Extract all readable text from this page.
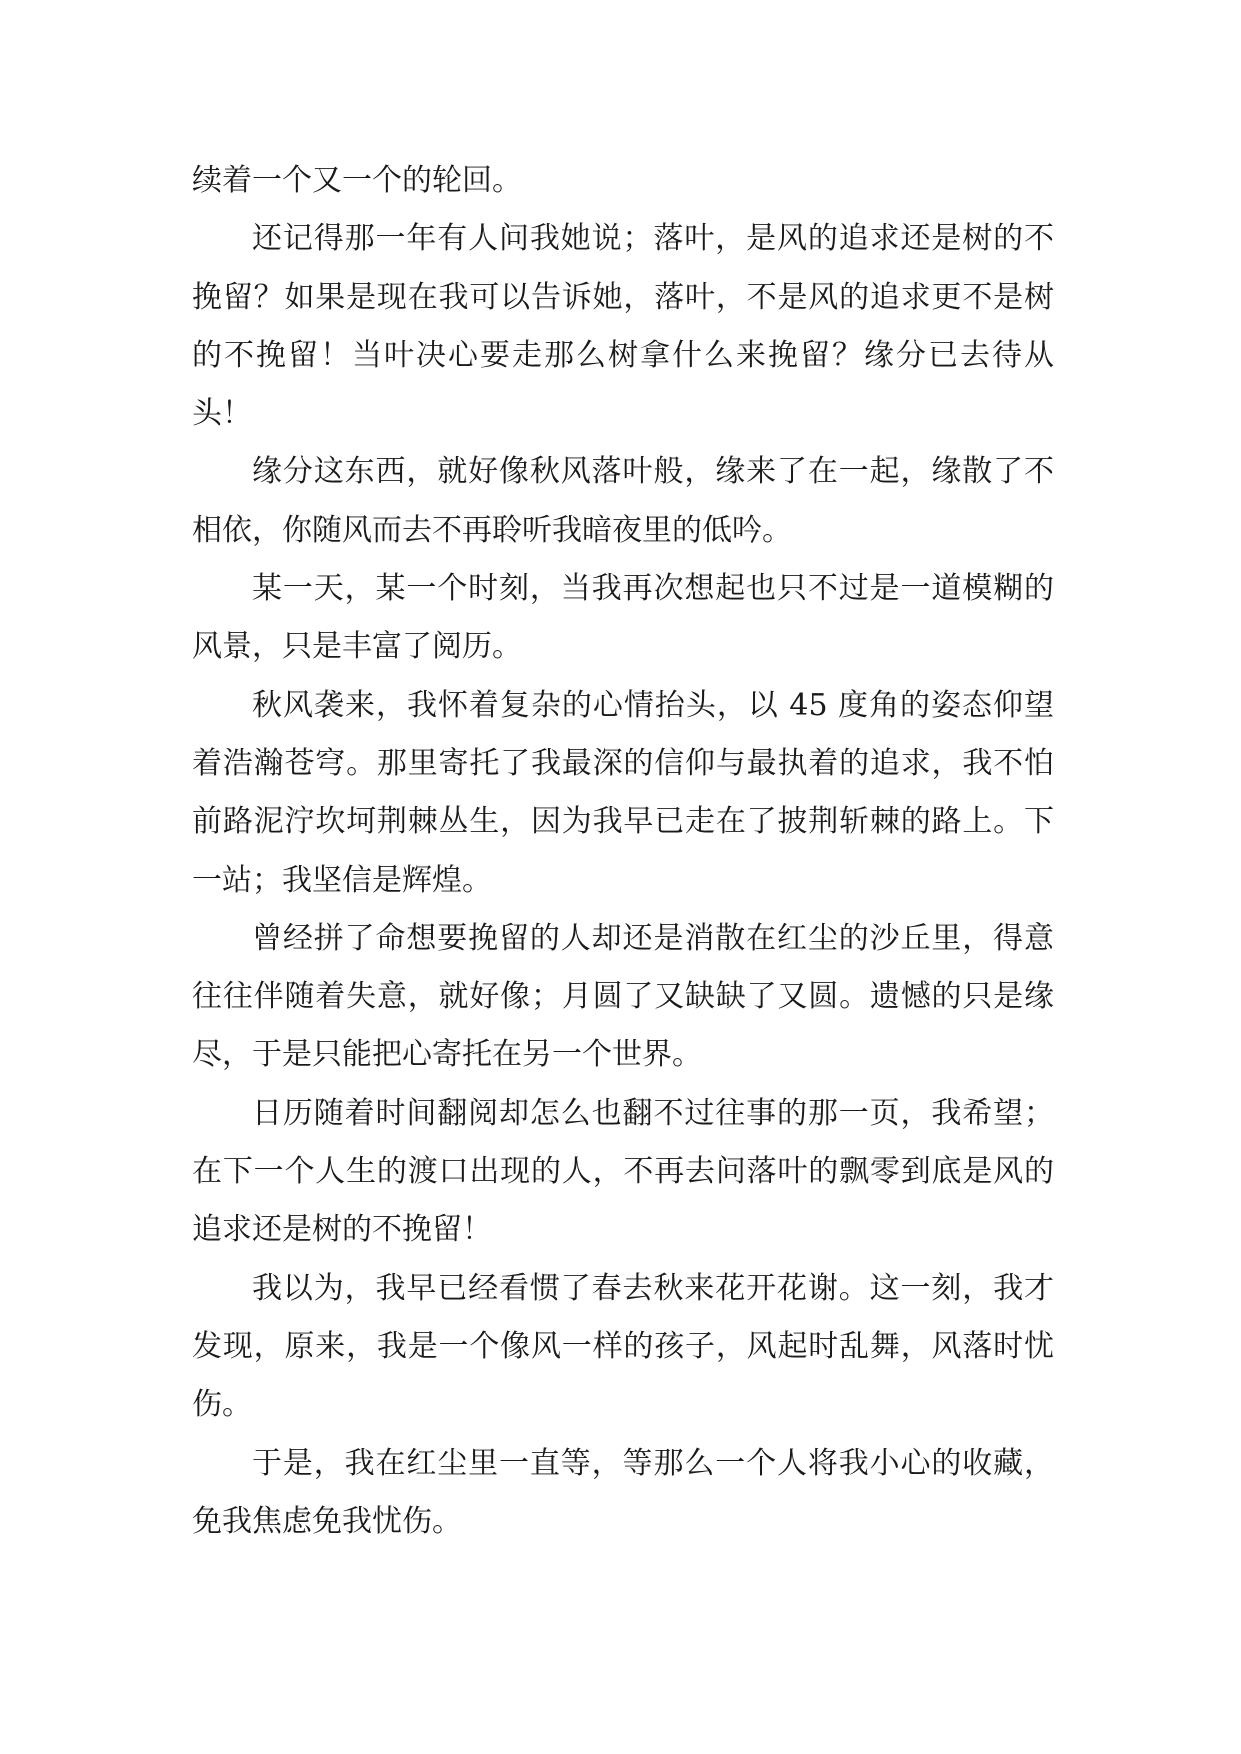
续着一个又一个的轮回。

还记得那一年有人问我她说；落叶，是风的追求还是树的不挽留？如果是现在我可以告诉她，落叶，不是风的追求更不是树的不挽留！当叶决心要走那么树拿什么来挽留？缘分已去待从头！

缘分这东西，就好像秋风落叶般，缘来了在一起，缘散了不相依，你随风而去不再聆听我暗夜里的低吟。

某一天，某一个时刻，当我再次想起也只不过是一道模糊的风景，只是丰富了阅历。

秋风袭来，我怀着复杂的心情抬头，以 45 度角的姿态仰望着浩瀚苍穹。那里寄托了我最深的信仰与最执着的追求，我不怕前路泥泞坎坷荆棘丛生，因为我早已走在了披荆斩棘的路上。下一站；我坚信是辉煌。

曾经拼了命想要挽留的人却还是消散在红尘的沙丘里，得意往往伴随着失意，就好像；月圆了又缺缺了又圆。遗憾的只是缘尽，于是只能把心寄托在另一个世界。

日历随着时间翻阅却怎么也翻不过往事的那一页，我希望；在下一个人生的渡口出现的人，不再去问落叶的飘零到底是风的追求还是树的不挽留！

我以为，我早已经看惯了春去秋来花开花谢。这一刻，我才发现，原来，我是一个像风一样的孩子，风起时乱舞，风落时忧伤。

于是，我在红尘里一直等，等那么一个人将我小心的收藏，免我焦虑免我忧伤。
